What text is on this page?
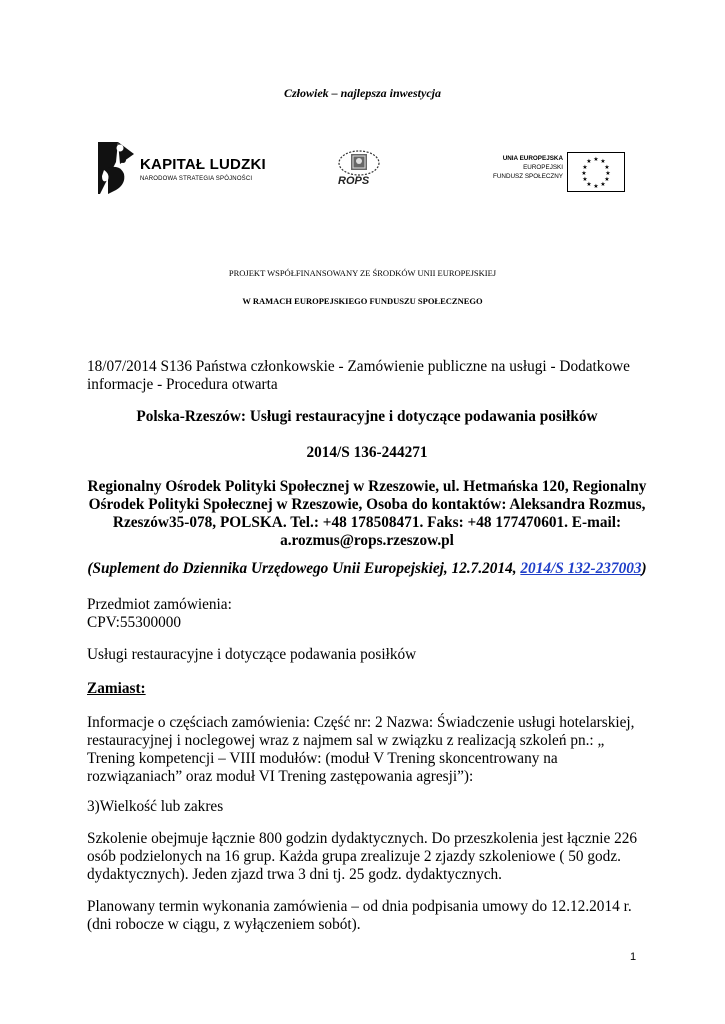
Człowiek – najlepsza inwestycja
KAPITAŁ LUDZKI
NARODOWA STRATEGIA SPÓJNOŚCI	ROPS
UNIA EUROPEJSKA
EUROPEJSKI
FUNDUSZ SPOŁECZNY
★ ★
★
★
★
★
★
★
★
★
★
★
PROJEKT WSPÓŁFINANSOWANY ZE ŚRODKÓW UNII EUROPEJSKIEJ
W RAMACH EUROPEJSKIEGO FUNDUSZU SPOŁECZNEGO
18/07/2014 S136 Państwa członkowskie - Zamówienie publiczne na usługi - Dodatkowe informacje - Procedura otwarta
Polska-Rzeszów: Usługi restauracyjne i dotyczące podawania posiłków
2014/S 136-244271
Regionalny Ośrodek Polityki Społecznej w Rzeszowie, ul. Hetmańska 120, Regionalny Ośrodek Polityki Społecznej w Rzeszowie, Osoba do kontaktów: Aleksandra Rozmus, Rzeszów35-078, POLSKA. Tel.: +48 178508471. Faks: +48 177470601. E-mail: a.rozmus@rops.rzeszow.pl
(Suplement do Dziennika Urzędowego Unii Europejskiej, 12.7.2014, 2014/S 132-237003)
Przedmiot zamówienia:
CPV:55300000
Usługi restauracyjne i dotyczące podawania posiłków
Zamiast:
Informacje o częściach zamówienia: Część nr: 2 Nazwa: Świadczenie usługi hotelarskiej, restauracyjnej i noclegowej wraz z najmem sal w związku z realizacją szkoleń pn.: „ Trening kompetencji – VIII modułów: (moduł V Trening skoncentrowany na rozwiązaniach” oraz moduł VI Trening zastępowania agresji”):
3)Wielkość lub zakres
Szkolenie obejmuje łącznie 800 godzin dydaktycznych. Do przeszkolenia jest łącznie 226 osób podzielonych na 16 grup. Każda grupa zrealizuje 2 zjazdy szkoleniowe ( 50 godz. dydaktycznych). Jeden zjazd trwa 3 dni tj. 25 godz. dydaktycznych.
Planowany termin wykonania zamówienia – od dnia podpisania umowy do 12.12.2014 r. (dni robocze w ciągu, z wyłączeniem sobót).
1
